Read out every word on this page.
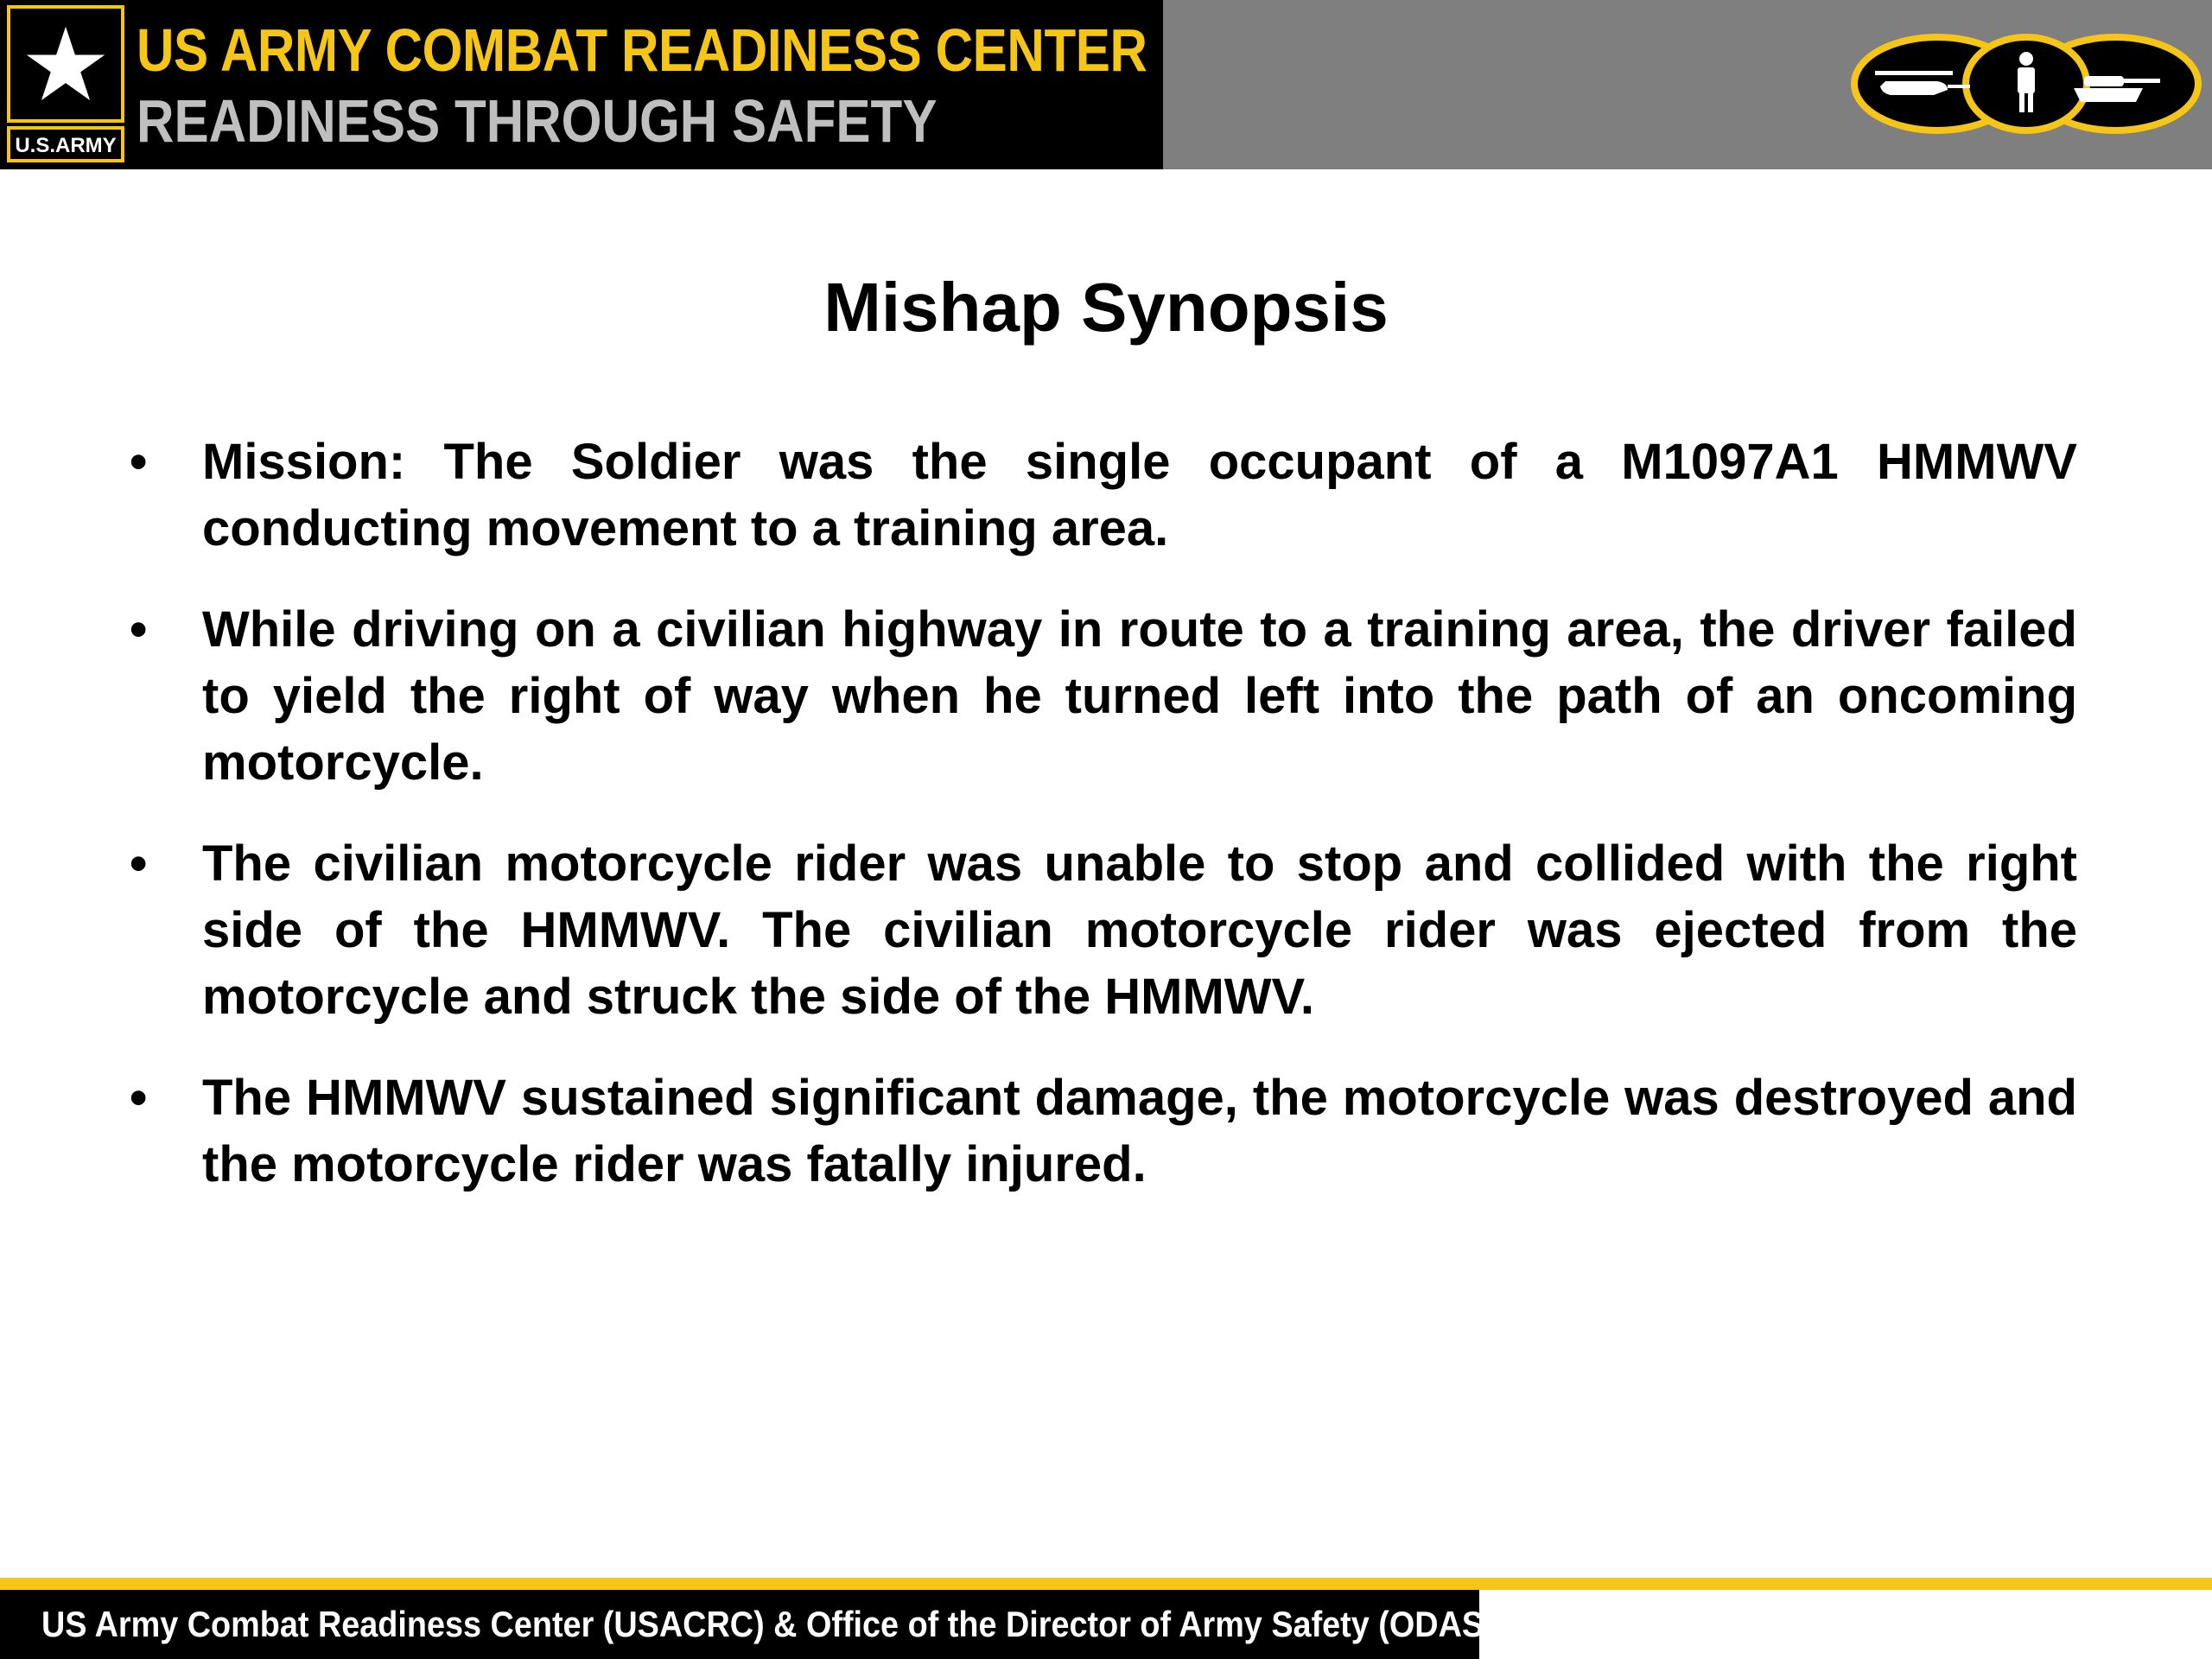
U.S.ARMY
US ARMY COMBAT READINESS CENTER
READINESS THROUGH SAFETY
Mishap Synopsis
•	Mission: The Soldier was the single occupant of a M1097A1 HMMWV conducting movement to a training area.
•	While driving on a civilian highway in route to a training area, the driver failed to yield the right of way when he turned left into the path of an oncoming motorcycle.
•	The civilian motorcycle rider was unable to stop and collided with the right side of the HMMWV. The civilian motorcycle rider was ejected from the motorcycle and struck the side of the HMMWV.
•	The HMMWV sustained significant damage, the motorcycle was destroyed and the motorcycle rider was fatally injured.
US Army Combat Readiness Center (USACRC) & Office of the Director of Army Safety (ODASAF)
